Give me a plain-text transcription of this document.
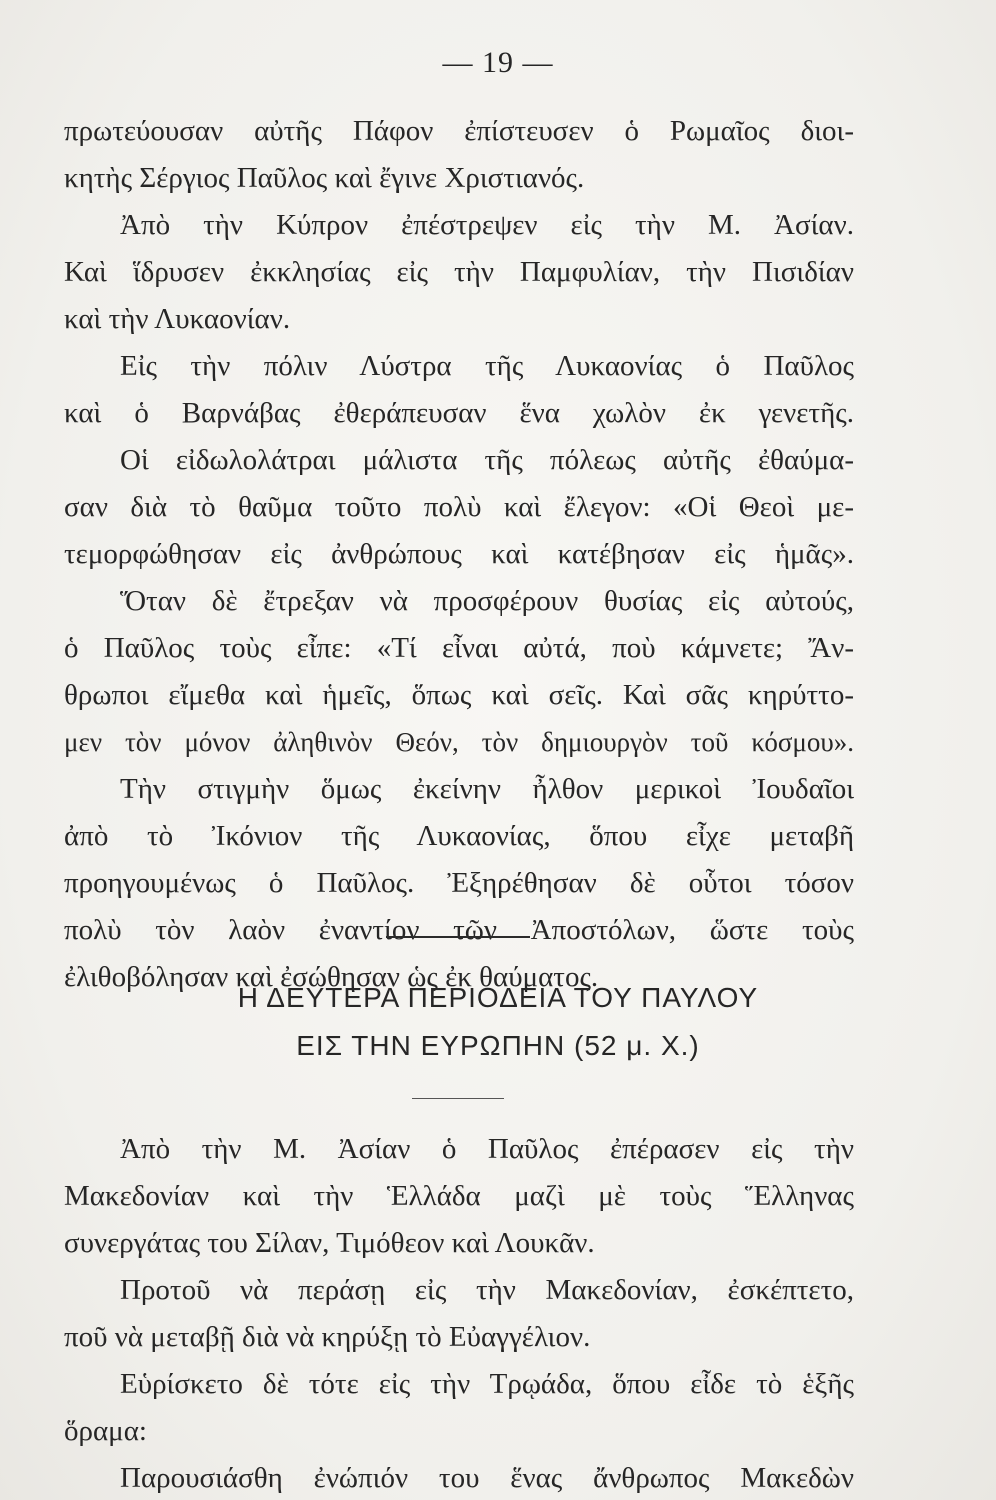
— 19 —
πρωτεύουσαν αὐτῆς Πάφον ἐπίστευσεν ὁ Ρωμαῖος διοι-
κητὴς Σέργιος Παῦλος καὶ ἔγινε Χριστιανός.
Ἀπὸ τὴν Κύπρον ἐπέστρεψεν εἰς τὴν Μ. Ἀσίαν.
Καὶ ἵδρυσεν ἐκκλησίας εἰς τὴν Παμφυλίαν, τὴν Πισιδίαν
καὶ τὴν Λυκαονίαν.
Εἰς τὴν πόλιν Λύστρα τῆς Λυκαονίας ὁ Παῦλος
καὶ ὁ Βαρνάβας ἐθεράπευσαν ἕνα χωλὸν ἐκ γενετῆς.
Οἱ εἰδωλολάτραι μάλιστα τῆς πόλεως αὐτῆς ἐθαύμα-
σαν διὰ τὸ θαῦμα τοῦτο πολὺ καὶ ἔλεγον: «Οἱ Θεοὶ με-
τεμορφώθησαν εἰς ἀνθρώπους καὶ κατέβησαν εἰς ἡμᾶς».
Ὅταν δὲ ἔτρεξαν νὰ προσφέρουν θυσίας εἰς αὐτούς,
ὁ Παῦλος τοὺς εἶπε: «Τί εἶναι αὐτά, ποὺ κάμνετε; Ἄν-
θρωποι εἴμεθα καὶ ἡμεῖς, ὅπως καὶ σεῖς. Καὶ σᾶς κηρύττο-
μεν τὸν μόνον ἀληθινὸν Θεόν, τὸν δημιουργὸν τοῦ κόσμου».
Τὴν στιγμὴν ὅμως ἐκείνην ἦλθον μερικοὶ Ἰουδαῖοι
ἀπὸ τὸ Ἰκόνιον τῆς Λυκαονίας, ὅπου εἶχε μεταβῆ
προηγουμένως ὁ Παῦλος. Ἐξηρέθησαν δὲ οὗτοι τόσον
πολὺ τὸν λαὸν ἐναντίον τῶν Ἀποστόλων, ὥστε τοὺς
ἐλιθοβόλησαν καὶ ἐσώθησαν ὡς ἐκ θαύματος.
Η ΔΕΥΤΕΡΑ ΠΕΡΙΟΔΕΙΑ ΤΟΥ ΠΑΥΛΟΥ
ΕΙΣ ΤΗΝ ΕΥΡΩΠΗΝ (52 μ. Χ.)
Ἀπὸ τὴν Μ. Ἀσίαν ὁ Παῦλος ἐπέρασεν εἰς τὴν
Μακεδονίαν καὶ τὴν Ἑλλάδα μαζὶ μὲ τοὺς Ἕλληνας
συνεργάτας του Σίλαν, Τιμόθεον καὶ Λουκᾶν.
Προτοῦ νὰ περάσῃ εἰς τὴν Μακεδονίαν, ἐσκέπτετο,
ποῦ νὰ μεταβῇ διὰ νὰ κηρύξῃ τὸ Εὐαγγέλιον.
Εὑρίσκετο δὲ τότε εἰς τὴν Τρῳάδα, ὅπου εἶδε τὸ ἑξῆς
ὅραμα:
Παρουσιάσθη ἐνώπιόν του ἕνας ἄνθρωπος Μακεδὼν
